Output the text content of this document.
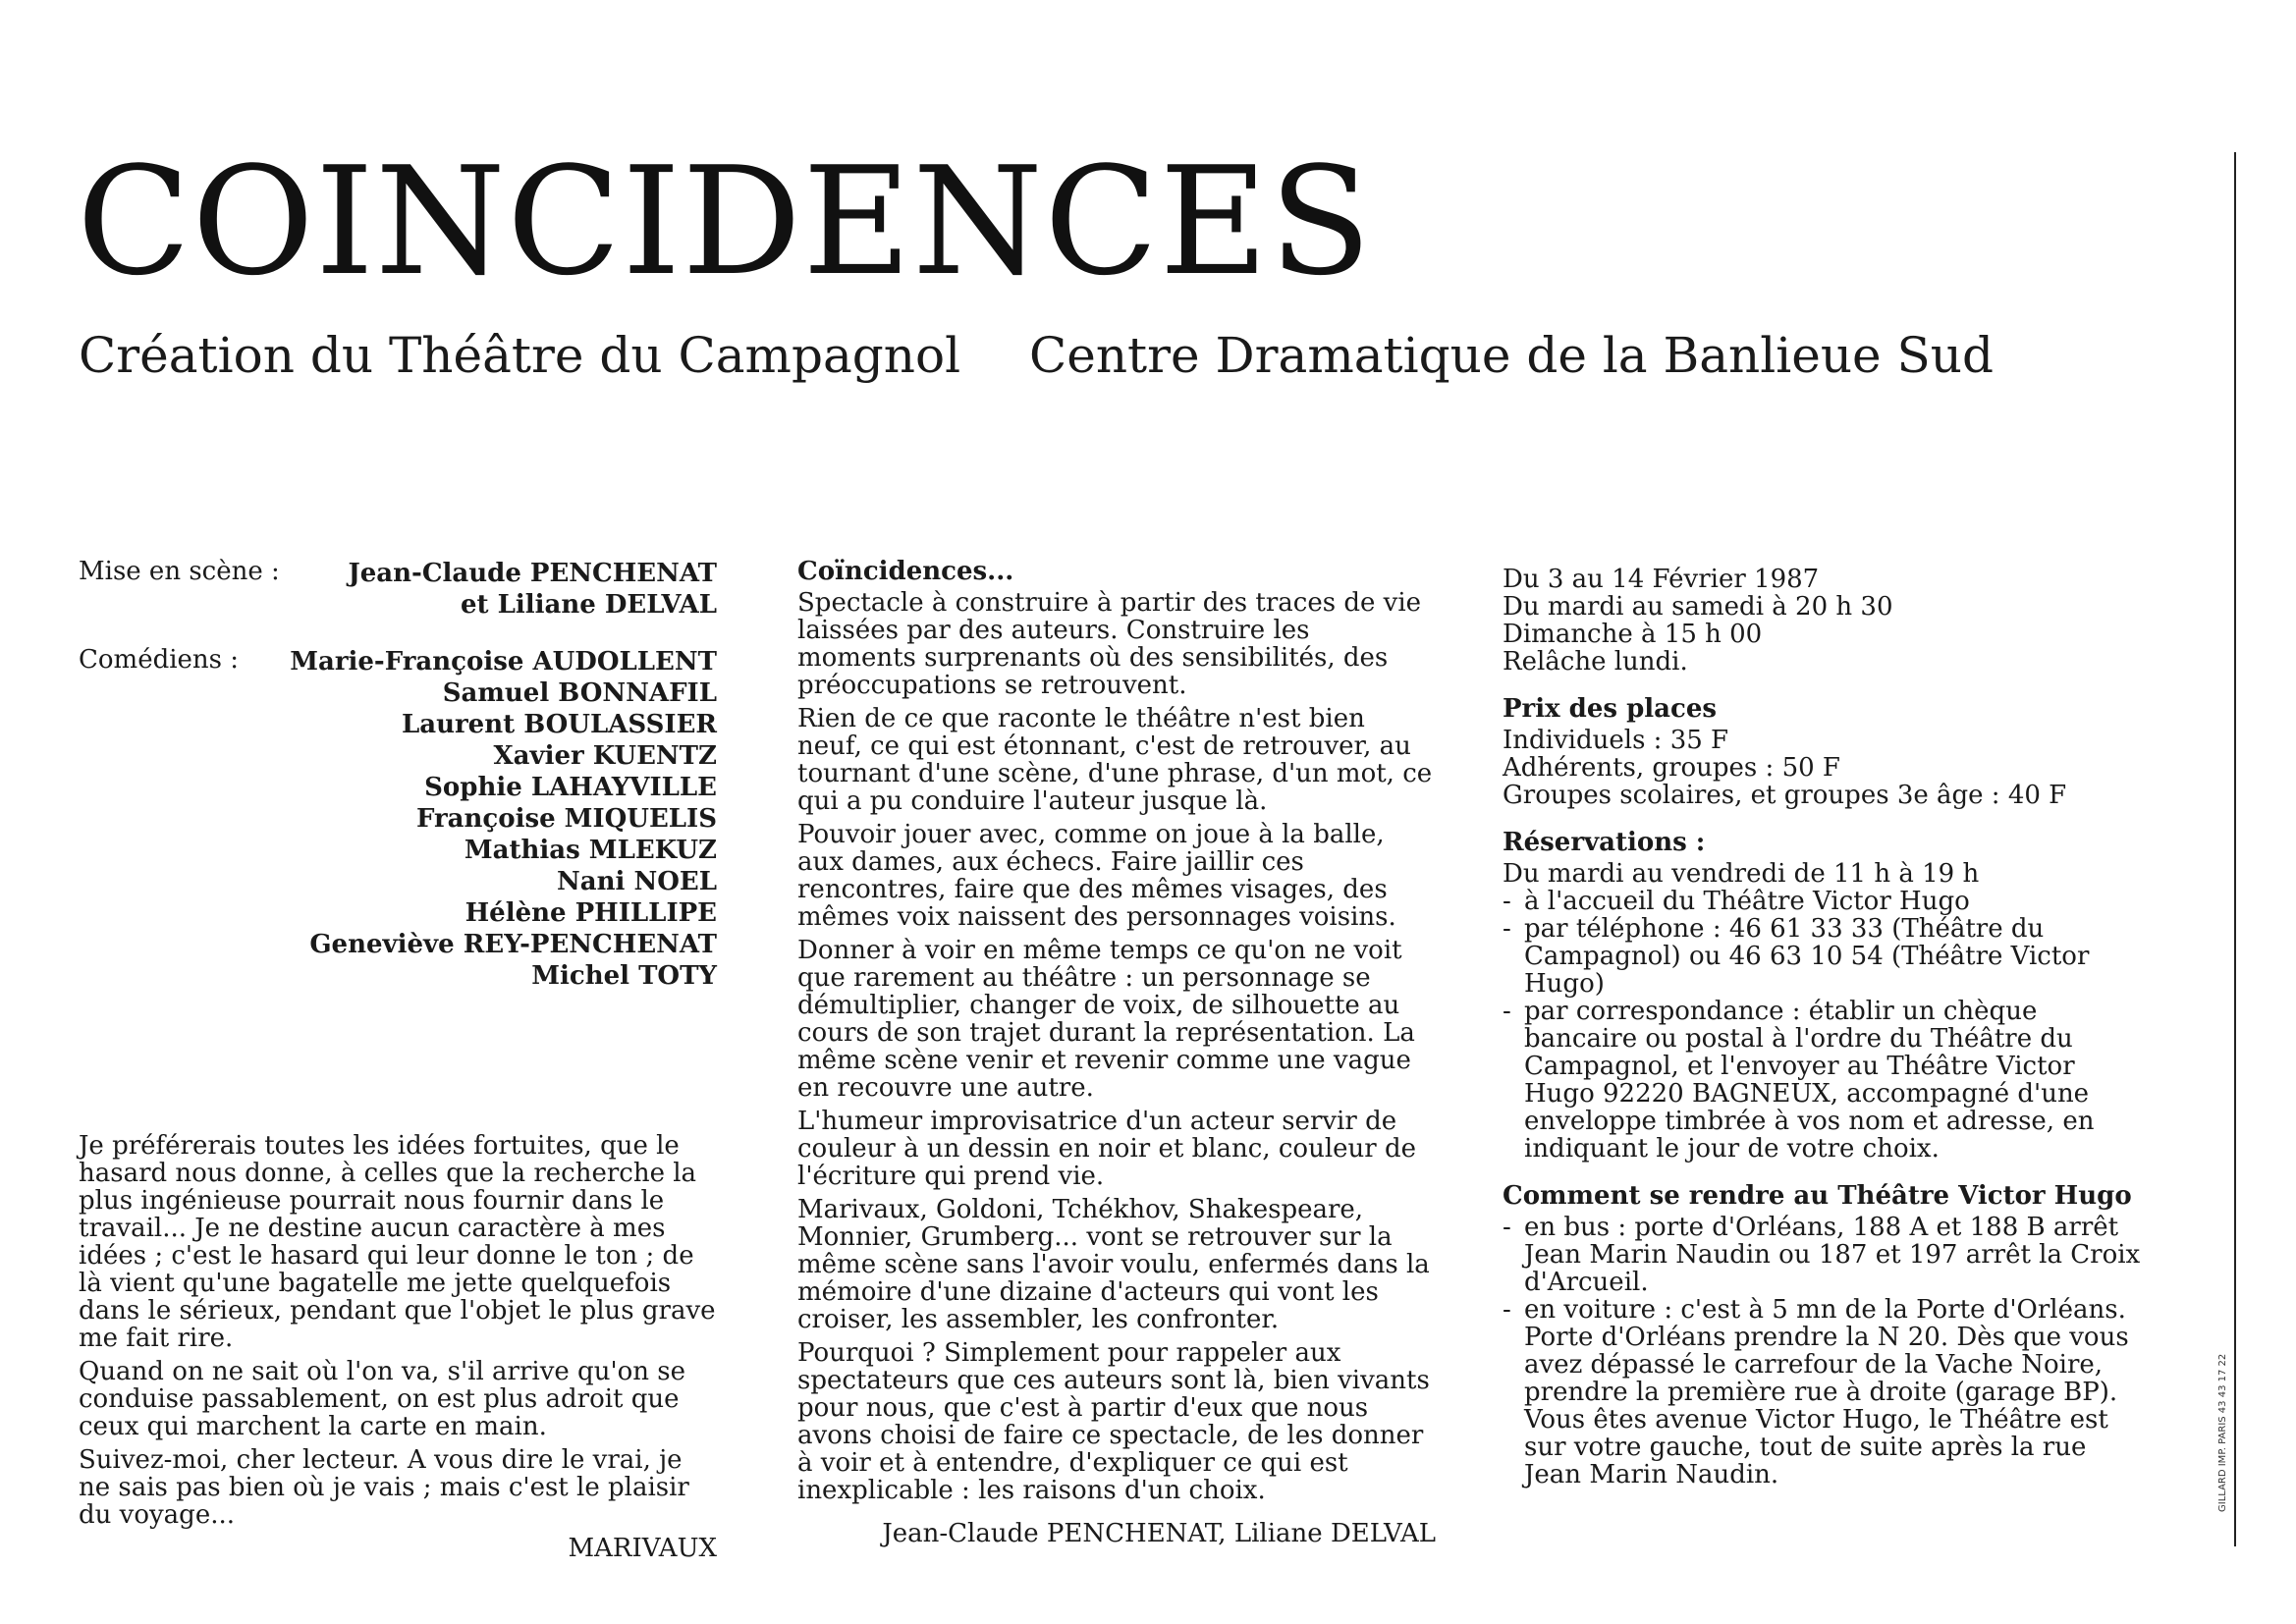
COINCIDENCES
Création du Théâtre du Campagnol Centre Dramatique de la Banlieue Sud
Mise en scène :	Jean-Claude PENCHENAT
et Liliane DELVAL
Comédiens :	Marie-Françoise AUDOLLENT
Samuel BONNAFIL
Laurent BOULASSIER
Xavier KUENTZ
Sophie LAHAYVILLE
Françoise MIQUELIS
Mathias MLEKUZ
Nani NOEL
Hélène PHILLIPE
Geneviève REY-PENCHENAT
Michel TOTY

Je préférerais toutes les idées fortuites, que le hasard nous donne, à celles que la recherche la plus ingénieuse pourrait nous fournir dans le travail... Je ne destine aucun caractère à mes idées ; c'est le hasard qui leur donne le ton ; de là vient qu'une bagatelle me jette quelquefois dans le sérieux, pendant que l'objet le plus grave me fait rire.

Quand on ne sait où l'on va, s'il arrive qu'on se conduise passablement, on est plus adroit que ceux qui marchent la carte en main.

Suivez-moi, cher lecteur. A vous dire le vrai, je ne sais pas bien où je vais ; mais c'est le plaisir du voyage...

MARIVAUX
Coïncidences...

Spectacle à construire à partir des traces de vie laissées par des auteurs. Construire les moments surprenants où des sensibilités, des préoccupations se retrouvent.

Rien de ce que raconte le théâtre n'est bien neuf, ce qui est étonnant, c'est de retrouver, au tournant d'une scène, d'une phrase, d'un mot, ce qui a pu conduire l'auteur jusque là.

Pouvoir jouer avec, comme on joue à la balle, aux dames, aux échecs. Faire jaillir ces rencontres, faire que des mêmes visages, des mêmes voix naissent des personnages voisins.

Donner à voir en même temps ce qu'on ne voit que rarement au théâtre : un personnage se démultiplier, changer de voix, de silhouette au cours de son trajet durant la représentation. La même scène venir et revenir comme une vague en recouvre une autre.

L'humeur improvisatrice d'un acteur servir de couleur à un dessin en noir et blanc, couleur de l'écriture qui prend vie.

Marivaux, Goldoni, Tchékhov, Shakespeare, Monnier, Grumberg... vont se retrouver sur la même scène sans l'avoir voulu, enfermés dans la mémoire d'une dizaine d'acteurs qui vont les croiser, les assembler, les confronter.

Pourquoi ? Simplement pour rappeler aux spectateurs que ces auteurs sont là, bien vivants pour nous, que c'est à partir d'eux que nous avons choisi de faire ce spectacle, de les donner à voir et à entendre, d'expliquer ce qui est inexplicable : les raisons d'un choix.

Jean-Claude PENCHENAT, Liliane DELVAL
Du 3 au 14 Février 1987
Du mardi au samedi à 20 h 30
Dimanche à 15 h 00
Relâche lundi.
Prix des places
Individuels : 35 F
Adhérents, groupes : 50 F
Groupes scolaires, et groupes 3e âge : 40 F
Réservations :
Du mardi au vendredi de 11 h à 19 h
- à l'accueil du Théâtre Victor Hugo
- par téléphone : 46 61 33 33 (Théâtre du Campagnol) ou 46 63 10 54 (Théâtre Victor Hugo)
- par correspondance : établir un chèque bancaire ou postal à l'ordre du Théâtre du Campagnol, et l'envoyer au Théâtre Victor Hugo 92220 BAGNEUX, accompagné d'une enveloppe timbrée à vos nom et adresse, en indiquant le jour de votre choix.
Comment se rendre au Théâtre Victor Hugo
- en bus : porte d'Orléans, 188 A et 188 B arrêt Jean Marin Naudin ou 187 et 197 arrêt la Croix d'Arcueil.
- en voiture : c'est à 5 mn de la Porte d'Orléans. Porte d'Orléans prendre la N 20. Dès que vous avez dépassé le carrefour de la Vache Noire, prendre la première rue à droite (garage BP). Vous êtes avenue Victor Hugo, le Théâtre est sur votre gauche, tout de suite après la rue Jean Marin Naudin.	GILLARD IMP. PARIS 43 43 17 22
